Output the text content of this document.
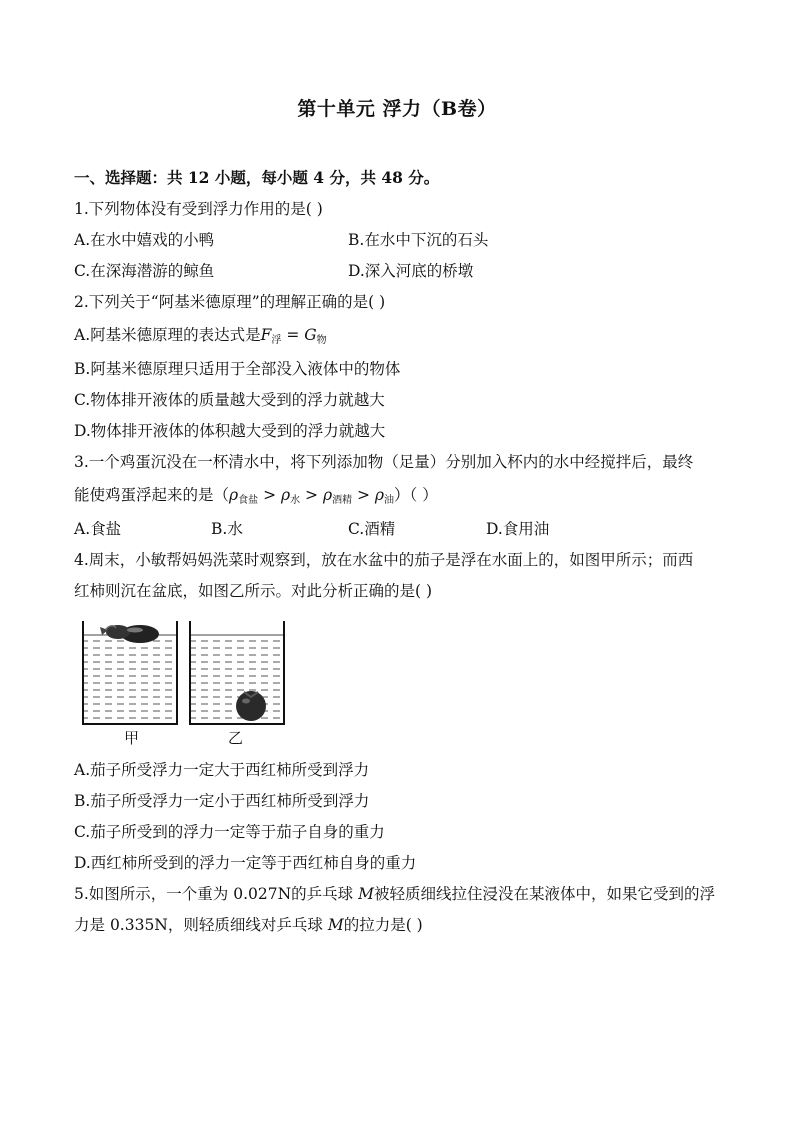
第十单元 浮力（B卷）
一、选择题：共 12 小题，每小题 4 分，共 48 分。
1.下列物体没有受到浮力作用的是( )
A.在水中嬉戏的小鸭	B.在水中下沉的石头
C.在深海潜游的鲸鱼	D.深入河底的桥墩
2.下列关于“阿基米德原理”的理解正确的是( )
A.阿基米德原理的表达式是$F_浮 = G_物$
B.阿基米德原理只适用于全部没入液体中的物体
C.物体排开液体的质量越大受到的浮力就越大
D.物体排开液体的体积越大受到的浮力就越大
3.一个鸡蛋沉没在一杯清水中，将下列添加物（足量）分别加入杯内的水中经搅拌后，最终
能使鸡蛋浮起来的是$(\rho_{食盐} > \rho_水 > \rho_{酒精} > \rho_油)$（ ）
A.食盐	B.水	C.酒精	D.食用油
4.周末，小敏帮妈妈洗菜时观察到，放在水盆中的茄子是浮在水面上的，如图甲所示；而西
红柿则沉在盆底，如图乙所示。对此分析正确的是( )
甲	乙
A.茄子所受浮力一定大于西红柿所受到浮力
B.茄子所受浮力一定小于西红柿所受到浮力
C.茄子所受到的浮力一定等于茄子自身的重力
D.西红柿所受到的浮力一定等于西红柿自身的重力
5.如图所示，一个重为 0.027N的乒乓球 M被轻质细线拉住浸没在某液体中，如果它受到的浮
力是 0.335N，则轻质细线对乒乓球 M的拉力是( )
